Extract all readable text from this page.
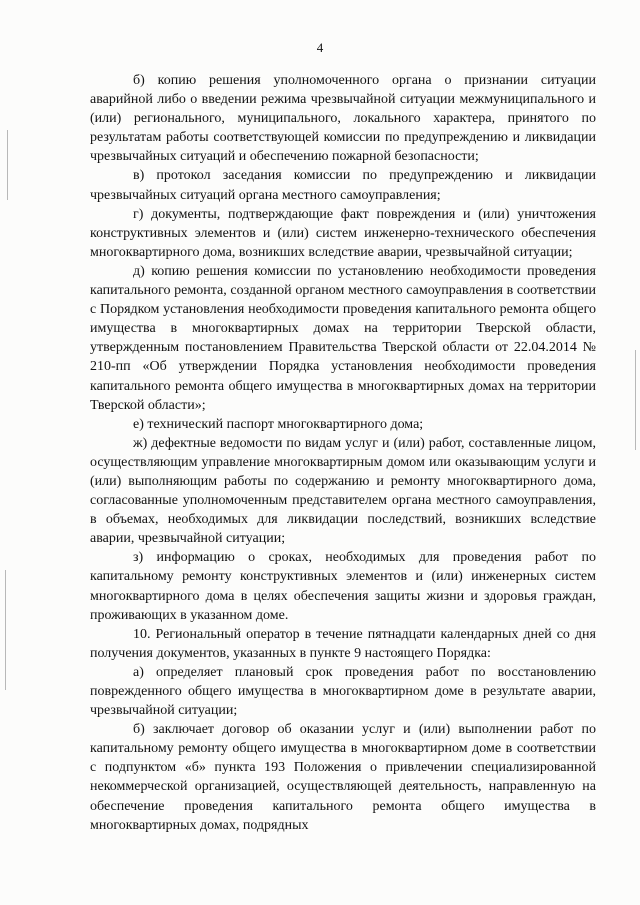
4

б) копию решения уполномоченного органа о признании ситуации аварийной либо о введении режима чрезвычайной ситуации межмуниципального и (или) регионального, муниципального, локального характера, принятого по результатам работы соответствующей комиссии по предупреждению и ликвидации чрезвычайных ситуаций и обеспечению пожарной безопасности;

в) протокол заседания комиссии по предупреждению и ликвидации чрезвычайных ситуаций органа местного самоуправления;

г) документы, подтверждающие факт повреждения и (или) уничтожения конструктивных элементов и (или) систем инженерно-технического обеспечения многоквартирного дома, возникших вследствие аварии, чрезвычайной ситуации;

д) копию решения комиссии по установлению необходимости проведения капитального ремонта, созданной органом местного самоуправления в соответствии с Порядком установления необходимости проведения капитального ремонта общего имущества в многоквартирных домах на территории Тверской области, утвержденным постановлением Правительства Тверской области от 22.04.2014 № 210-пп «Об утверждении Порядка установления необходимости проведения капитального ремонта общего имущества в многоквартирных домах на территории Тверской области»;

е) технический паспорт многоквартирного дома;

ж) дефектные ведомости по видам услуг и (или) работ, составленные лицом, осуществляющим управление многоквартирным домом или оказывающим услуги и (или) выполняющим работы по содержанию и ремонту многоквартирного дома, согласованные уполномоченным представителем органа местного самоуправления, в объемах, необходимых для ликвидации последствий, возникших вследствие аварии, чрезвычайной ситуации;

з) информацию о сроках, необходимых для проведения работ по капитальному ремонту конструктивных элементов и (или) инженерных систем многоквартирного дома в целях обеспечения защиты жизни и здоровья граждан, проживающих в указанном доме.

10. Региональный оператор в течение пятнадцати календарных дней со дня получения документов, указанных в пункте 9 настоящего Порядка:

а) определяет плановый срок проведения работ по восстановлению поврежденного общего имущества в многоквартирном доме в результате аварии, чрезвычайной ситуации;

б) заключает договор об оказании услуг и (или) выполнении работ по капитальному ремонту общего имущества в многоквартирном доме в соответствии с подпунктом «б» пункта 193 Положения о привлечении специализированной некоммерческой организацией, осуществляющей деятельность, направленную на обеспечение проведения капитального ремонта общего имущества в многоквартирных домах, подрядных
